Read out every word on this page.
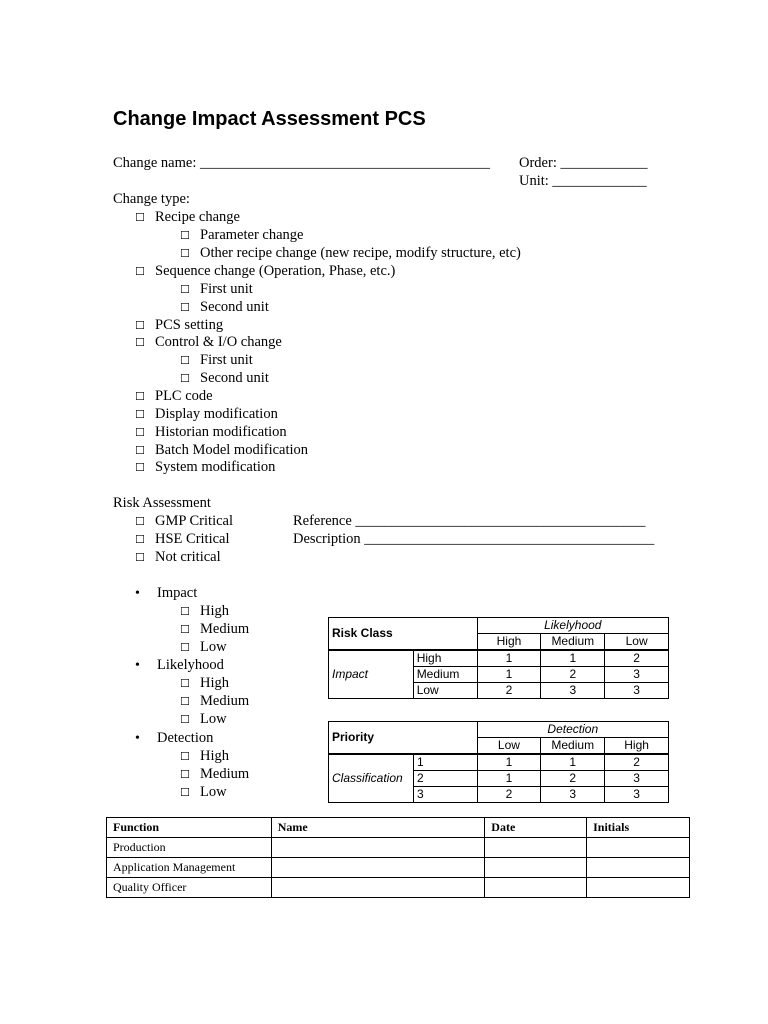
Change Impact Assessment PCS
Change name: ________________________________________ Order: ____________
Unit: _____________
Change type:
☐ Recipe change
☐ Parameter change
☐ Other recipe change (new recipe, modify structure, etc)
☐ Sequence change (Operation, Phase, etc.)
☐ First unit
☐ Second unit
☐ PCS setting
☐ Control & I/O change
☐ First unit
☐ Second unit
☐ PLC code
☐ Display modification
☐ Historian modification
☐ Batch Model modification
☐ System modification
Risk Assessment
☐ GMP Critical
☐ HSE Critical
☐ Not critical
Reference ________________________________________
Description ________________________________________
• Impact
☐ High
☐ Medium
☐ Low
• Likelyhood
☐ High
☐ Medium
☐ Low
• Detection
☐ High
☐ Medium
☐ Low
Risk Class		Likelyhood		
		High	Medium	Low
Impact	High	1	1	2
	Medium	1	2	3
	Low	2	3	3
Priority		Detection		
		Low	Medium	High
Classification	1	1	1	2
	2	1	2	3
	3	2	3	3
Function	Name	Date	Initials
Production			
Application Management			
Quality Officer			
